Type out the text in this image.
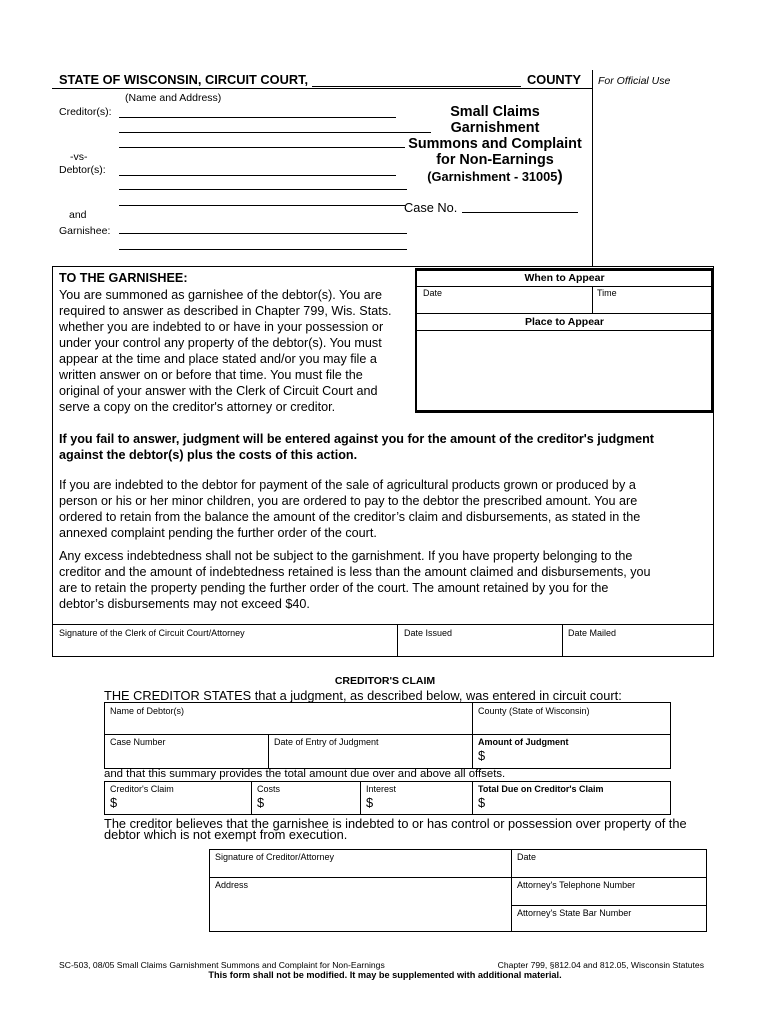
STATE OF WISCONSIN, CIRCUIT COURT,	COUNTY For Official Use
(Name and Address)
Creditor(s):
-vs-
Debtor(s):
and
Garnishee:
Small Claims
Garnishment
Summons and Complaint
for Non-Earnings
(Garnishment - 31005)
Case No.
TO THE GARNISHEE:
You are summoned as garnishee of the debtor(s). You are
required to answer as described in Chapter 799, Wis. Stats.
whether you are indebted to or have in your possession or
under your control any property of the debtor(s). You must
appear at the time and place stated and/or you may file a
written answer on or before that time. You must file the
original of your answer with the Clerk of Circuit Court and
serve a copy on the creditor's attorney or creditor.
When to Appear
Date	Time
Place to Appear
If you fail to answer, judgment will be entered against you for the amount of the creditor's judgment
against the debtor(s) plus the costs of this action.
If you are indebted to the debtor for payment of the sale of agricultural products grown or produced by a
person or his or her minor children, you are ordered to pay to the debtor the prescribed amount. You are
ordered to retain from the balance the amount of the creditor’s claim and disbursements, as stated in the
annexed complaint pending the further order of the court.
Any excess indebtedness shall not be subject to the garnishment. If you have property belonging to the
creditor and the amount of indebtedness retained is less than the amount claimed and disbursements, you
are to retain the property pending the further order of the court. The amount retained by you for the
debtor’s disbursements may not exceed $40.
Signature of the Clerk of Circuit Court/Attorney	Date Issued	Date Mailed
CREDITOR'S CLAIM
THE CREDITOR STATES that a judgment, as described below, was entered in circuit court:
Name of Debtor(s)	County (State of Wisconsin)
Case Number	Date of Entry of Judgment	Amount of Judgment
$
and that this summary provides the total amount due over and above all offsets.
Creditor's Claim	Costs	Interest	Total Due on Creditor's Claim
$	$	$	$
The creditor believes that the garnishee is indebted to or has control or possession over property of the
debtor which is not exempt from execution.
Signature of Creditor/Attorney	Date
Address	Attorney's Telephone Number
Attorney's State Bar Number
SC-503, 08/05 Small Claims Garnishment Summons and Complaint for Non-Earnings	Chapter 799, §812.04 and 812.05, Wisconsin Statutes
This form shall not be modified. It may be supplemented with additional material.
